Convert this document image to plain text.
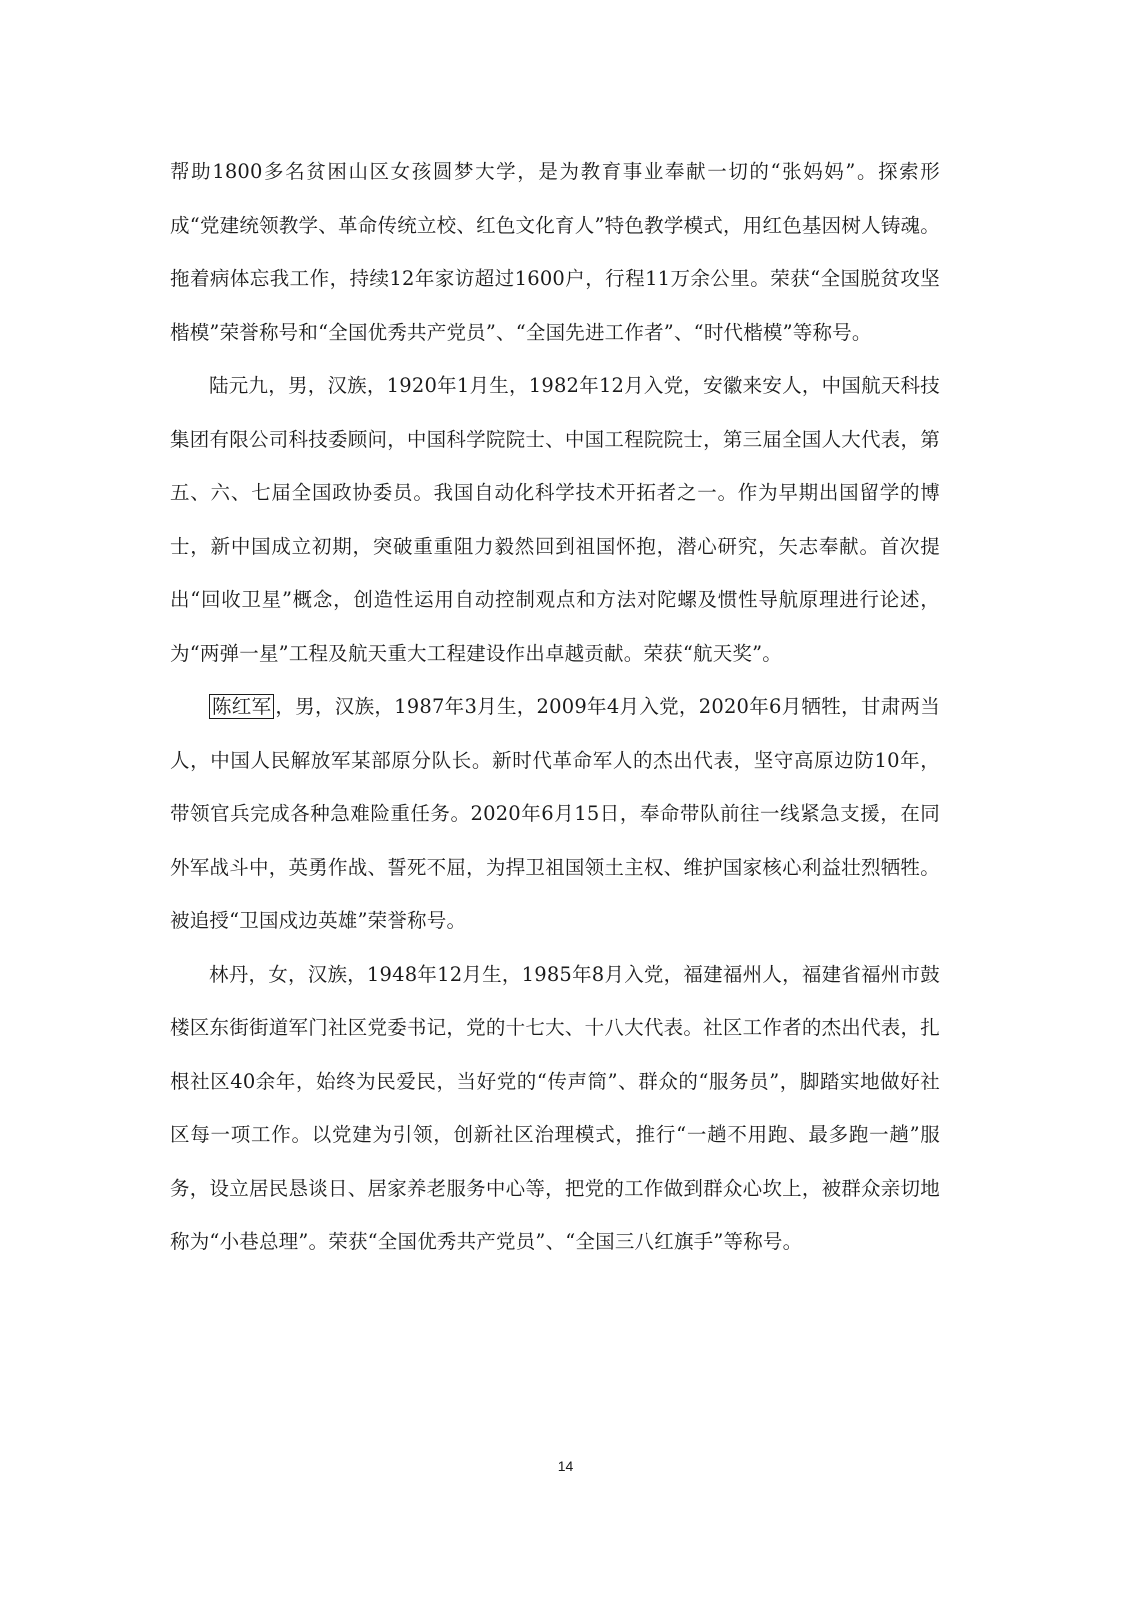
帮助1800多名贫困山区女孩圆梦大学，是为教育事业奉献一切的“张妈妈”。探索形成“党建统领教学、革命传统立校、红色文化育人”特色教学模式，用红色基因树人铸魂。拖着病体忘我工作，持续12年家访超过1600户，行程11万余公里。荣获“全国脱贫攻坚楷模”荣誉称号和“全国优秀共产党员”、“全国先进工作者”、“时代楷模”等称号。

陆元九，男，汉族，1920年1月生，1982年12月入党，安徽来安人，中国航天科技集团有限公司科技委顾问，中国科学院院士、中国工程院院士，第三届全国人大代表，第五、六、七届全国政协委员。我国自动化科学技术开拓者之一。作为早期出国留学的博士，新中国成立初期，突破重重阻力毅然回到祖国怀抱，潜心研究，矢志奉献。首次提出“回收卫星”概念，创造性运用自动控制观点和方法对陀螺及惯性导航原理进行论述，为“两弹一星”工程及航天重大工程建设作出卓越贡献。荣获“航天奖”。

陈红军 ，男，汉族，1987年3月生，2009年4月入党，2020年6月牺牲，甘肃两当人，中国人民解放军某部原分队长。新时代革命军人的杰出代表，坚守高原边防10年，带领官兵完成各种急难险重任务。2020年6月15日，奉命带队前往一线紧急支援，在同外军战斗中，英勇作战、誓死不屈，为捍卫祖国领土主权、维护国家核心利益壮烈牺牲。被追授“卫国戍边英雄”荣誉称号。

林丹，女，汉族，1948年12月生，1985年8月入党，福建福州人，福建省福州市鼓楼区东街街道军门社区党委书记，党的十七大、十八大代表。社区工作者的杰出代表，扎根社区40余年，始终为民爱民，当好党的“传声筒”、群众的“服务员”，脚踏实地做好社区每一项工作。以党建为引领，创新社区治理模式，推行“一趟不用跑、最多跑一趟”服务，设立居民恳谈日、居家养老服务中心等，把党的工作做到群众心坎上，被群众亲切地称为“小巷总理”。荣获“全国优秀共产党员”、“全国三八红旗手”等称号。

14
